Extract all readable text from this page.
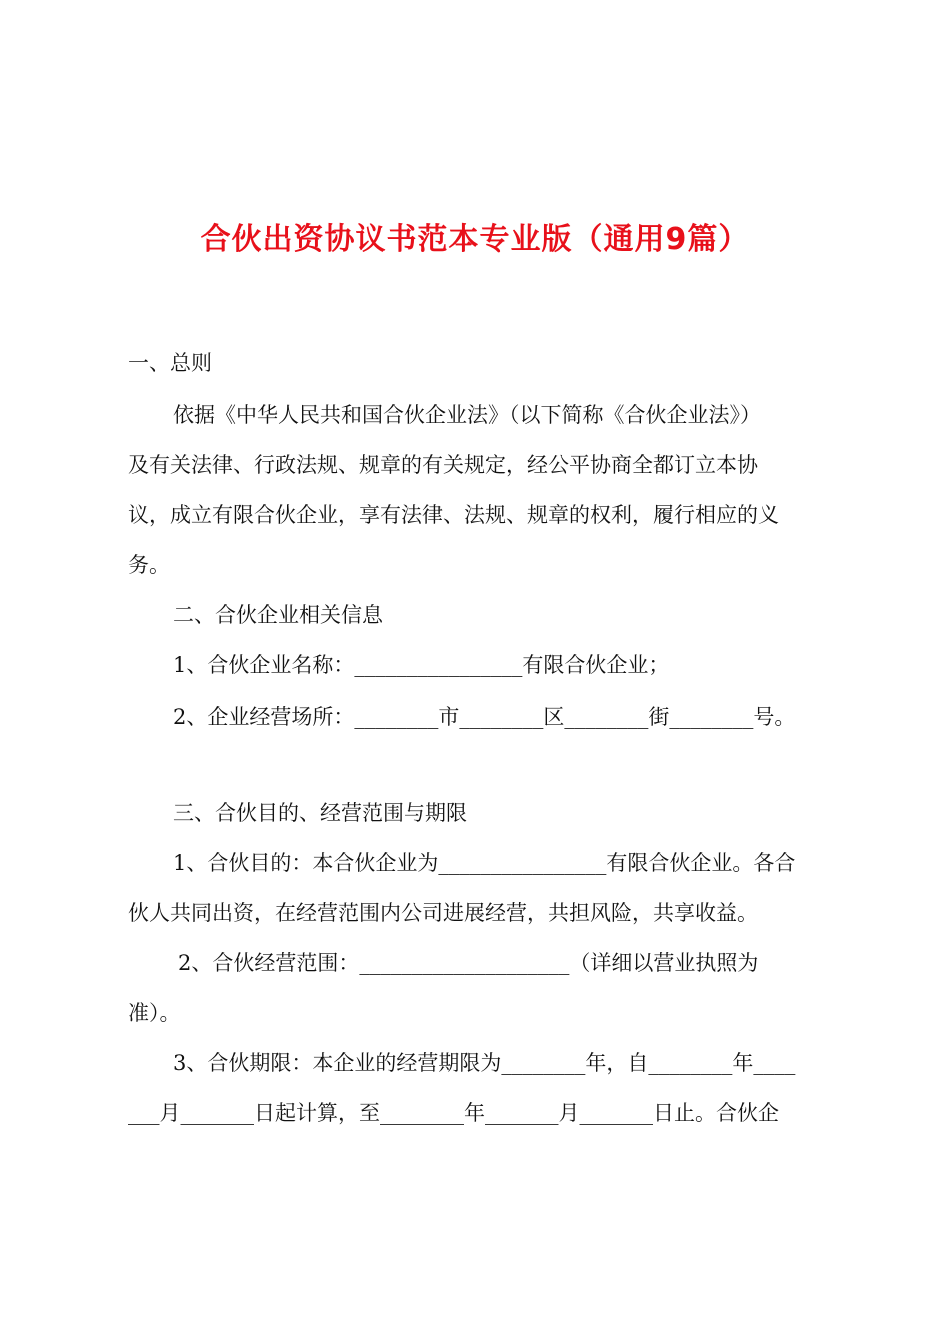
合伙出资协议书范本专业版（通用9篇）

一、总则

依据《中华人民共和国合伙企业法》（以下简称《合伙企业法》）

及有关法律、行政法规、规章的有关规定，经公平协商全都订立本协

议，成立有限合伙企业，享有法律、法规、规章的权利，履行相应的义

务。

二、合伙企业相关信息

1、合伙企业名称：________________有限合伙企业；

2、企业经营场所：________市________区________街________号。

三、合伙目的、经营范围与期限

1、合伙目的：本合伙企业为________________有限合伙企业。各合

伙人共同出资，在经营范围内公司进展经营，共担风险，共享收益。

2、合伙经营范围：____________________（详细以营业执照为

准）。

3、合伙期限：本企业的经营期限为________年，自________年____

___月_______日起计算，至________年_______月_______日止。合伙企
